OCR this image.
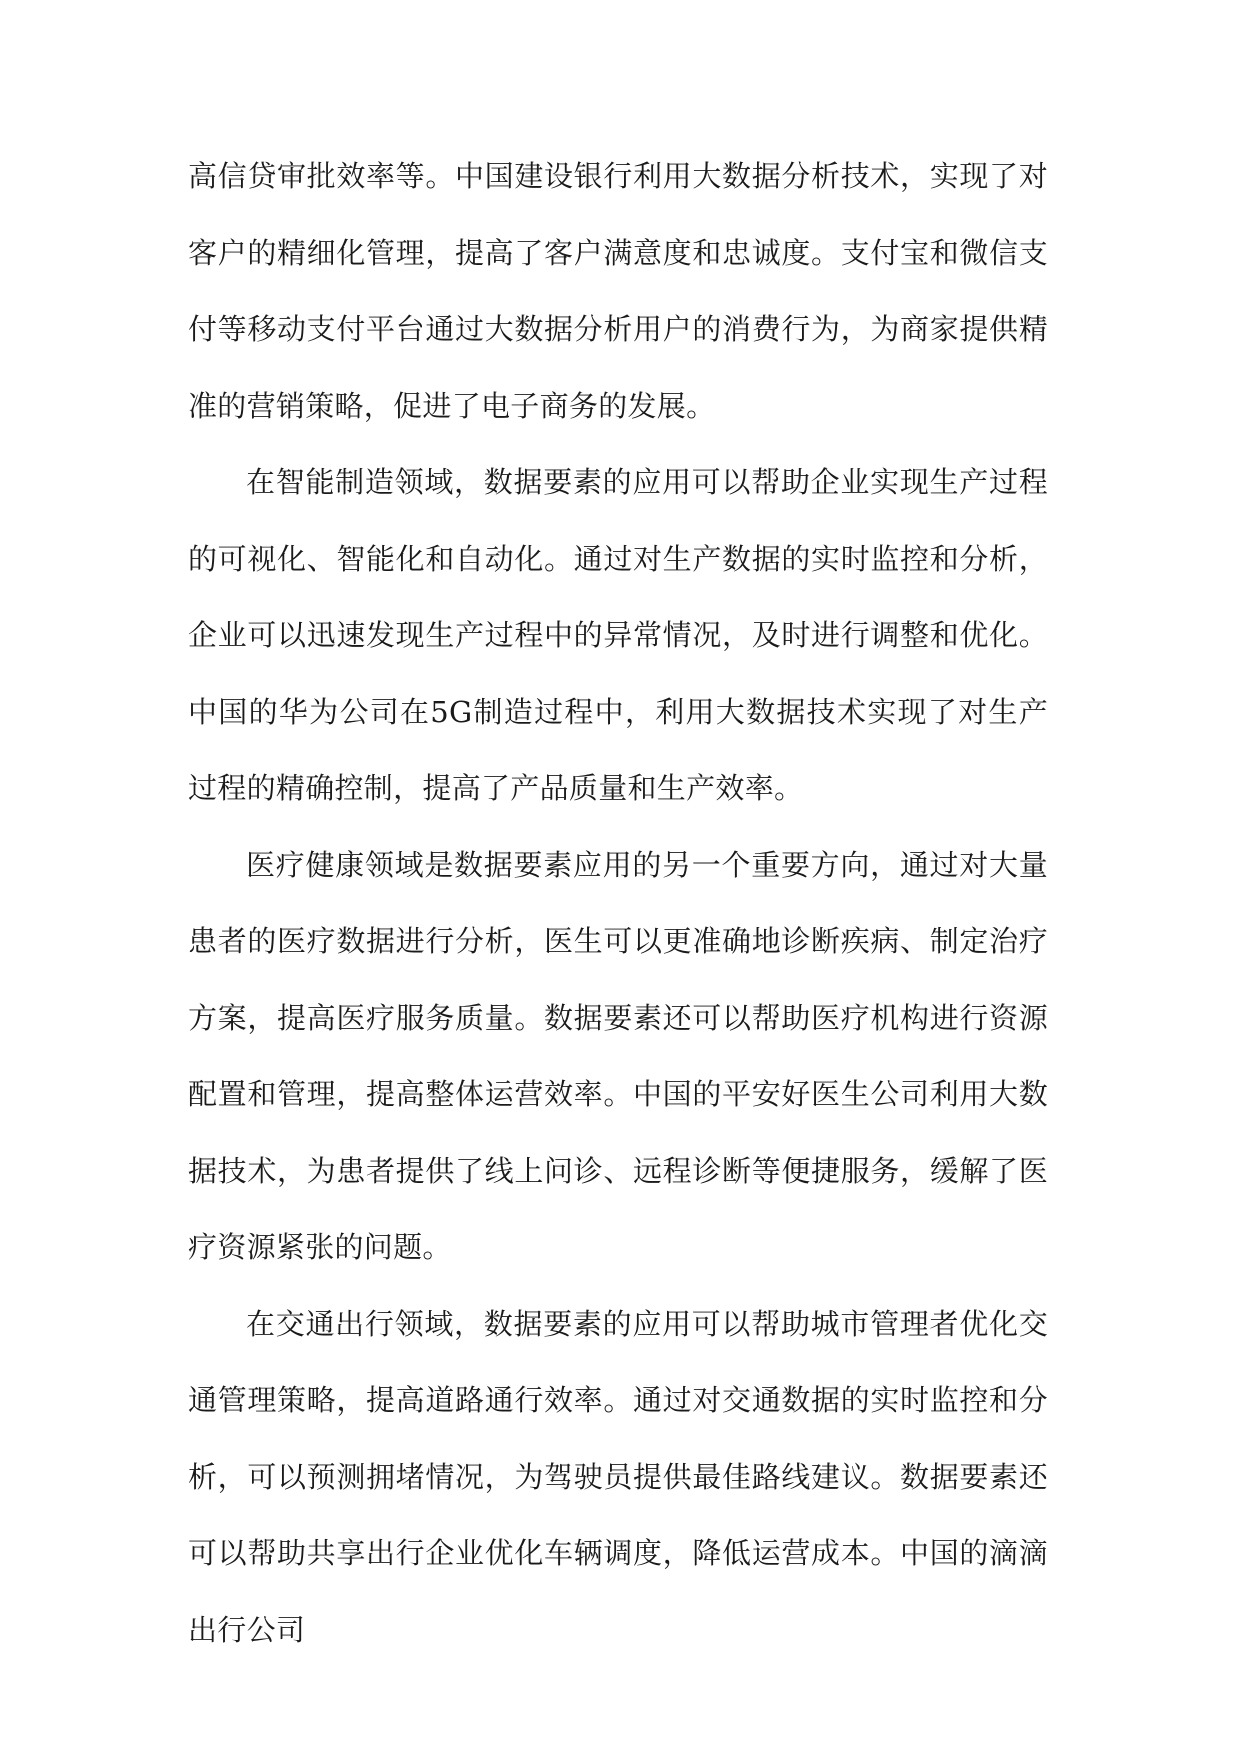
高信贷审批效率等。中国建设银行利用大数据分析技术，实现了对客户的精细化管理，提高了客户满意度和忠诚度。支付宝和微信支付等移动支付平台通过大数据分析用户的消费行为，为商家提供精准的营销策略，促进了电子商务的发展。

在智能制造领域，数据要素的应用可以帮助企业实现生产过程的可视化、智能化和自动化。通过对生产数据的实时监控和分析，企业可以迅速发现生产过程中的异常情况，及时进行调整和优化。中国的华为公司在5G制造过程中，利用大数据技术实现了对生产过程的精确控制，提高了产品质量和生产效率。

医疗健康领域是数据要素应用的另一个重要方向，通过对大量患者的医疗数据进行分析，医生可以更准确地诊断疾病、制定治疗方案，提高医疗服务质量。数据要素还可以帮助医疗机构进行资源配置和管理，提高整体运营效率。中国的平安好医生公司利用大数据技术，为患者提供了线上问诊、远程诊断等便捷服务，缓解了医疗资源紧张的问题。

在交通出行领域，数据要素的应用可以帮助城市管理者优化交通管理策略，提高道路通行效率。通过对交通数据的实时监控和分析，可以预测拥堵情况，为驾驶员提供最佳路线建议。数据要素还可以帮助共享出行企业优化车辆调度，降低运营成本。中国的滴滴出行公司
